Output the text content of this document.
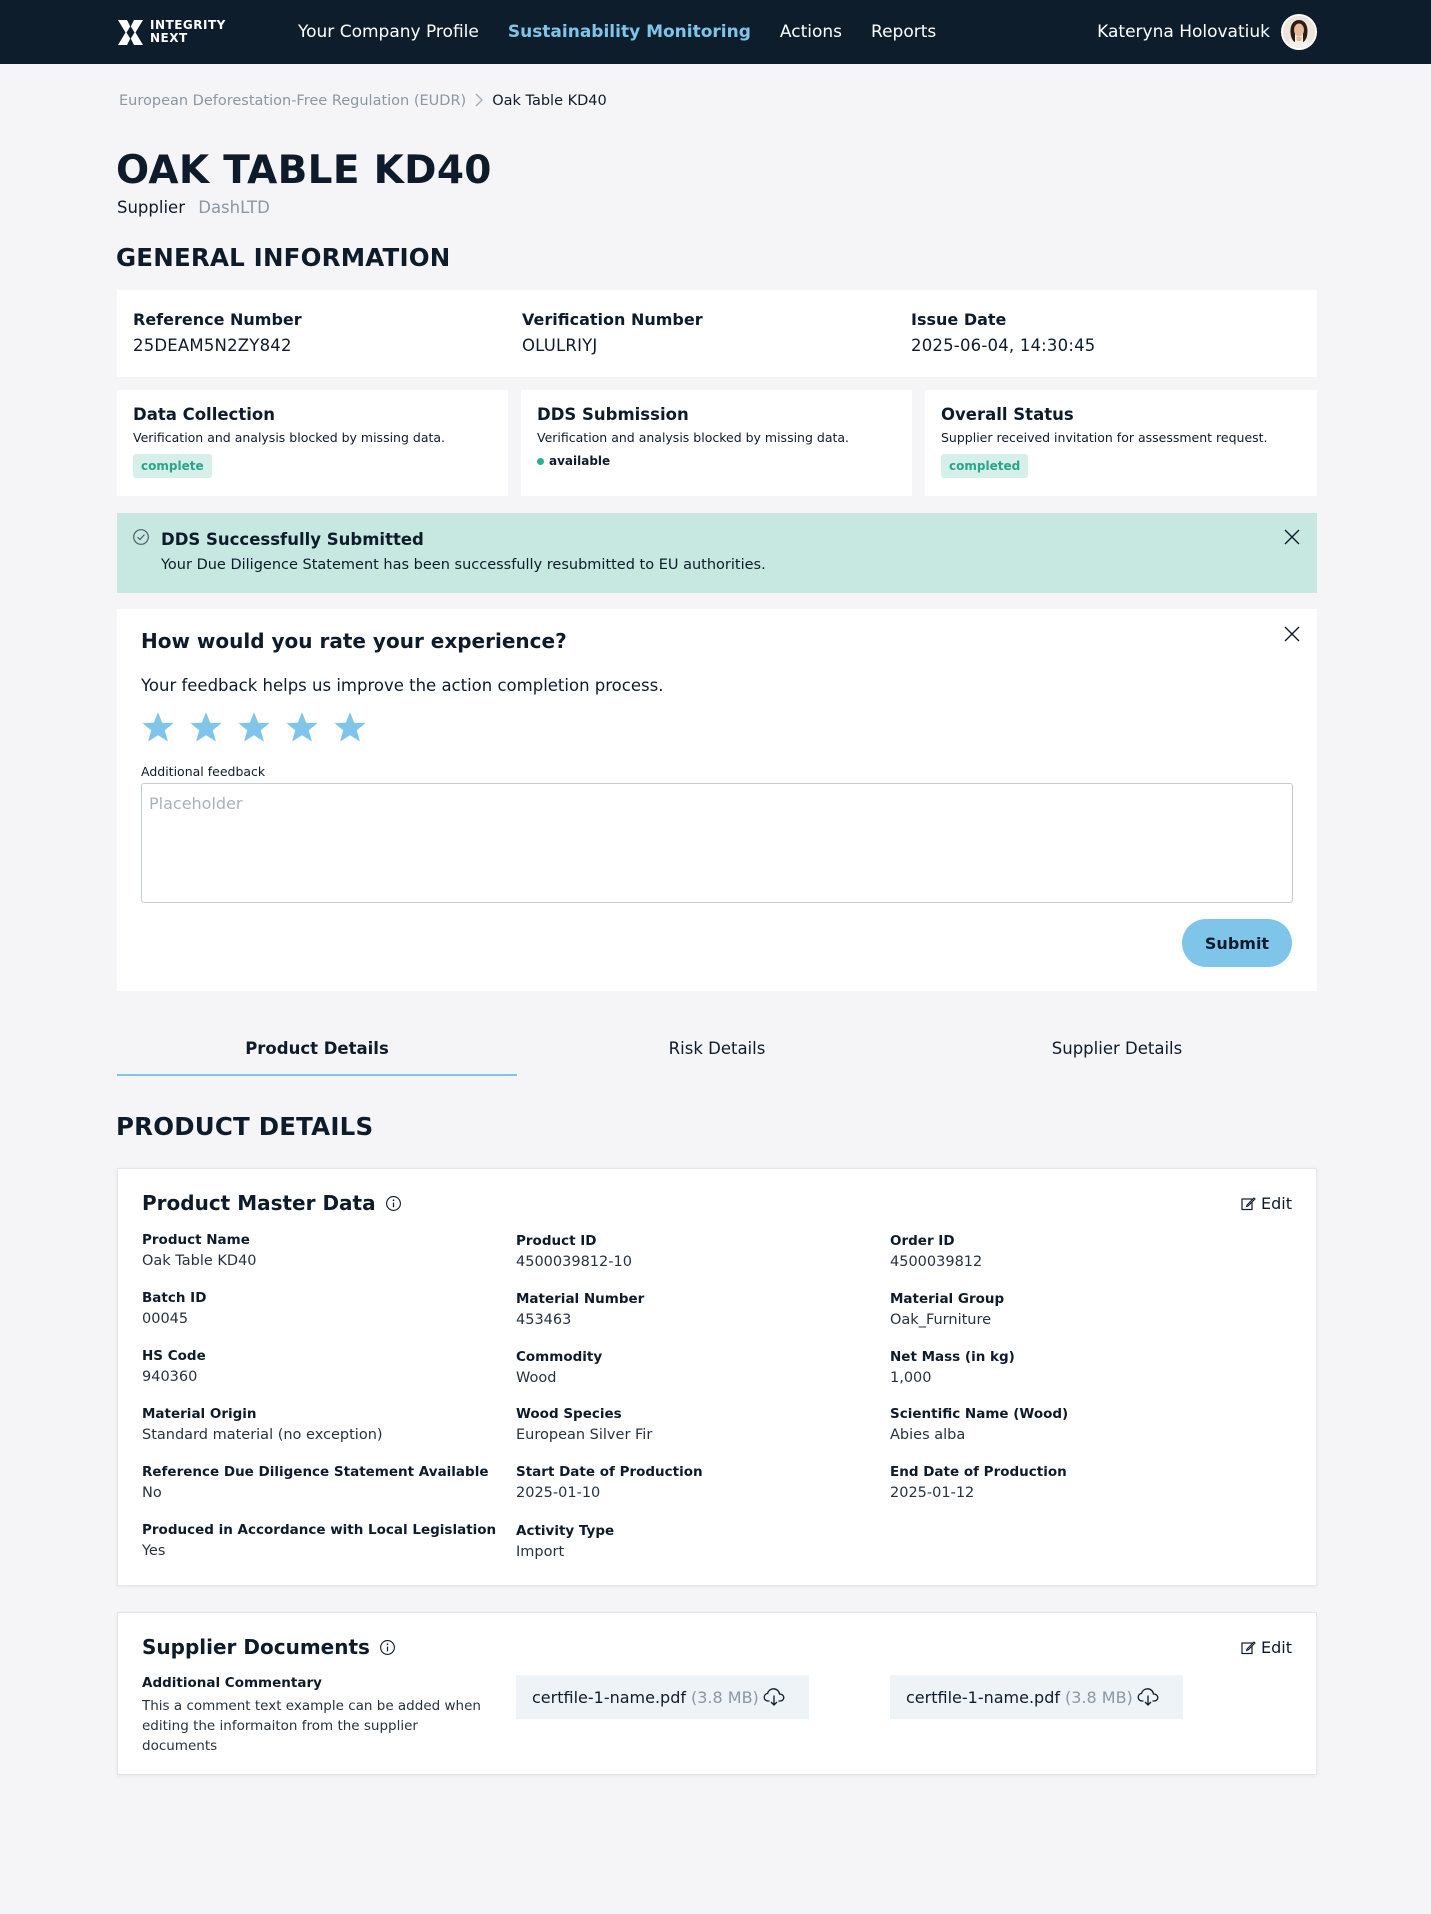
INTEGRITY
NEXT	Your Company Profile Sustainability Monitoring Actions Reports	Kateryna Holovatiuk
European Deforestation-Free Regulation (EUDR) Oak Table KD40
OAK TABLE KD40
Supplier DashLTD
GENERAL INFORMATION
Reference Number
25DEAM5N2ZY842
Verification Number
OLULRIYJ
Issue Date
2025-06-04, 14:30:45
Data Collection
Verification and analysis blocked by missing data.
complete
DDS Submission
Verification and analysis blocked by missing data.
available
Overall Status
Supplier received invitation for assessment request.
completed
DDS Successfully Submitted
Your Due Diligence Statement has been successfully resubmitted to EU authorities.
How would you rate your experience?
Your feedback helps us improve the action completion process.
Additional feedback
Placeholder
Submit
Product Details	Risk Details	Supplier Details
PRODUCT DETAILS
Product Master Data	Edit
Product Name
Oak Table KD40
Product ID
4500039812-10
Order ID
4500039812
Batch ID
00045
Material Number
453463
Material Group
Oak_Furniture
HS Code
940360
Commodity
Wood
Net Mass (in kg)
1,000
Material Origin
Standard material (no exception)
Wood Species
European Silver Fir
Scientific Name (Wood)
Abies alba
Reference Due Diligence Statement Available
No
Start Date of Production
2025-01-10
End Date of Production
2025-01-12
Produced in Accordance with Local Legislation
Yes
Activity Type
Import
Supplier Documents	Edit
Additional Commentary
This a comment text example can be added when editing the informaiton from the supplier documents
certfile-1-name.pdf (3.8 MB)	certfile-1-name.pdf (3.8 MB)
